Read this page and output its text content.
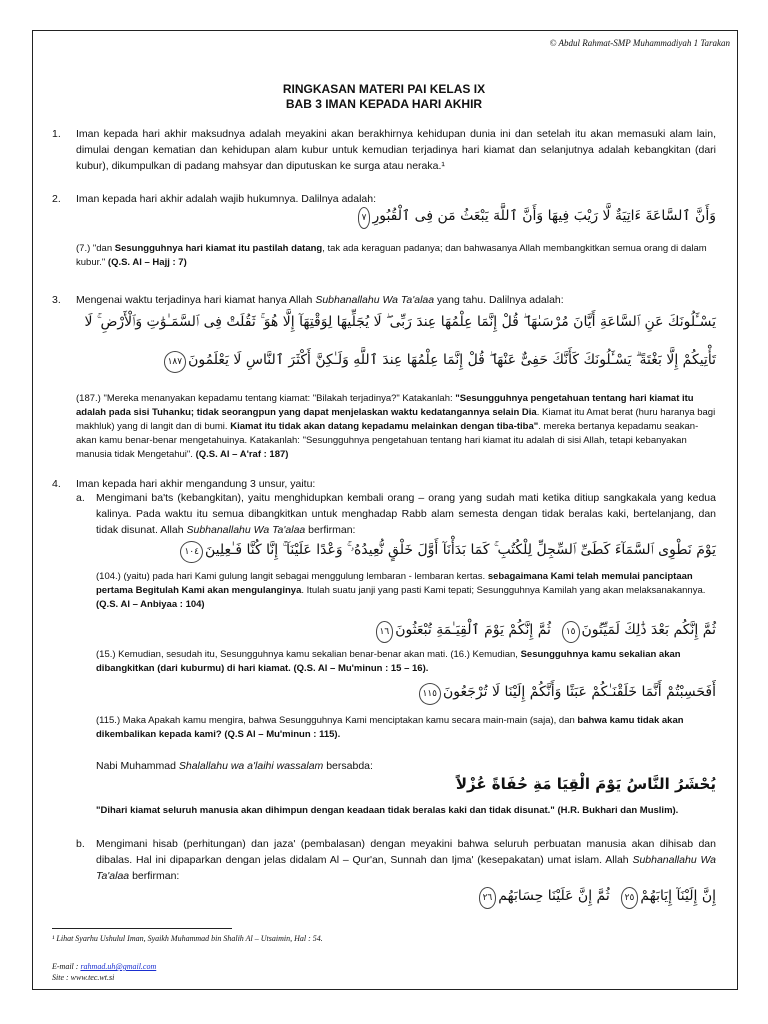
© Abdul Rahmat-SMP Muhammadiyah 1 Tarakan
RINGKASAN MATERI PAI KELAS IX
BAB 3 IMAN KEPADA HARI AKHIR
1. Iman kepada hari akhir maksudnya adalah meyakini akan berakhirnya kehidupan dunia ini dan setelah itu akan memasuki alam lain, dimulai dengan kematian dan kehidupan alam kubur untuk kemudian terjadinya hari kiamat dan selanjutnya adalah kebangkitan (dari kubur), dikumpulkan di padang mahsyar dan diputuskan ke surga atau neraka.¹
2. Iman kepada hari akhir adalah wajib hukumnya. Dalilnya adalah:
وَأَنَّ ٱلسَّاعَةَ ءَاتِيَةٌ لَّا رَيْبَ فِيهَا وَأَنَّ ٱللَّهَ يَبْعَثُ مَن فِى ٱلْقُبُورِ٧
(7.) "dan Sesungguhnya hari kiamat itu pastilah datang, tak ada keraguan padanya; dan bahwasanya Allah membangkitkan semua orang di dalam kubur." (Q.S. Al – Hajj : 7)
3. Mengenai waktu terjadinya hari kiamat hanya Allah Subhanallahu Wa Ta'alaa yang tahu. Dalilnya adalah:
يَسْـَٔلُونَكَ عَنِ ٱلسَّاعَةِ أَيَّانَ مُرْسَىٰهَا ۖ قُلْ إِنَّمَا عِلْمُهَا عِندَ رَبِّى ۖ لَا يُجَلِّيهَا لِوَقْتِهَآ إِلَّا هُوَ ۚ ثَقُلَتْ فِى ٱلسَّمَـٰوَٰتِ وَٱلْأَرْضِ ۚ لَا
تَأْتِيكُمْ إِلَّا بَغْتَةً ۗ يَسْـَٔلُونَكَ كَأَنَّكَ حَفِىٌّ عَنْهَا ۖ قُلْ إِنَّمَا عِلْمُهَا عِندَ ٱللَّهِ وَلَـٰكِنَّ أَكْثَرَ ٱلنَّاسِ لَا يَعْلَمُونَ١٨٧
(187.) "Mereka menanyakan kepadamu tentang kiamat: "Bilakah terjadinya?" Katakanlah: "Sesungguhnya pengetahuan tentang hari kiamat itu adalah pada sisi Tuhanku; tidak seorangpun yang dapat menjelaskan waktu kedatangannya selain Dia. Kiamat itu Amat berat (huru haranya bagi makhluk) yang di langit dan di bumi. Kiamat itu tidak akan datang kepadamu melainkan dengan tiba-tiba". mereka bertanya kepadamu seakan-akan kamu benar-benar mengetahuinya. Katakanlah: "Sesungguhnya pengetahuan tentang hari kiamat itu adalah di sisi Allah, tetapi kebanyakan manusia tidak Mengetahui". (Q.S. Al – A'raf : 187)
4. Iman kepada hari akhir mengandung 3 unsur, yaitu:
a. Mengimani ba'ts (kebangkitan), yaitu menghidupkan kembali orang – orang yang sudah mati ketika ditiup sangkakala yang kedua kalinya. Pada waktu itu semua dibangkitkan untuk menghadap Rabb alam semesta dengan tidak beralas kaki, bertelanjang, dan tidak disunat. Allah Subhanallahu Wa Ta'alaa berfirman:
يَوْمَ نَطْوِى ٱلسَّمَآءَ كَطَىِّ ٱلسِّجِلِّ لِلْكُتُبِ ۚ كَمَا بَدَأْنَآ أَوَّلَ خَلْقٍ نُّعِيدُهُۥ ۚ وَعْدًا عَلَيْنَآ ۚ إِنَّا كُنَّا فَـٰعِلِينَ١٠٤
(104.) (yaitu) pada hari Kami gulung langit sebagai menggulung lembaran - lembaran kertas. sebagaimana Kami telah memulai panciptaan pertama Begitulah Kami akan mengulanginya. Itulah suatu janji yang pasti Kami tepati; Sesungguhnya Kamilah yang akan melaksanakannya. (Q.S. Al – Anbiyaa : 104)
ثُمَّ إِنَّكُم بَعْدَ ذَٰلِكَ لَمَيِّتُونَ١٥  ثُمَّ إِنَّكُمْ يَوْمَ ٱلْقِيَـٰمَةِ تُبْعَثُونَ١٦
(15.) Kemudian, sesudah itu, Sesungguhnya kamu sekalian benar-benar akan mati. (16.) Kemudian, Sesungguhnya kamu sekalian akan dibangkitkan (dari kuburmu) di hari kiamat. (Q.S. Al – Mu'minun : 15 – 16).
أَفَحَسِبْتُمْ أَنَّمَا خَلَقْنَـٰكُمْ عَبَثًا وَأَنَّكُمْ إِلَيْنَا لَا تُرْجَعُونَ١١٥
(115.) Maka Apakah kamu mengira, bahwa Sesungguhnya Kami menciptakan kamu secara main-main (saja), dan bahwa kamu tidak akan dikembalikan kepada kami? (Q.S Al – Mu'minun : 115).
Nabi Muhammad Shalallahu wa a'laihi wassalam bersabda:
يُحْشَرُ النَّاسُ يَوْمَ الْقِيَا مَةِ حُفَاةً عُزْلاً
"Dihari kiamat seluruh manusia akan dihimpun dengan keadaan tidak beralas kaki dan tidak disunat." (H.R. Bukhari dan Muslim).
b. Mengimani hisab (perhitungan) dan jaza' (pembalasan) dengan meyakini bahwa seluruh perbuatan manusia akan dihisab dan dibalas. Hal ini dipaparkan dengan jelas didalam Al – Qur'an, Sunnah dan Ijma' (kesepakatan) umat islam. Allah Subhanallahu Wa Ta'alaa berfirman:
إِنَّ إِلَيْنَآ إِيَابَهُمْ٢٥  ثُمَّ إِنَّ عَلَيْنَا حِسَابَهُم٢٦
¹ Lihat Syarhu Ushulul Iman, Syaikh Muhammad bin Shalih Al – Utsaimin, Hal : 54.
E-mail : rahmad.uh@gmail.com
Site : www.tec.wt.si
